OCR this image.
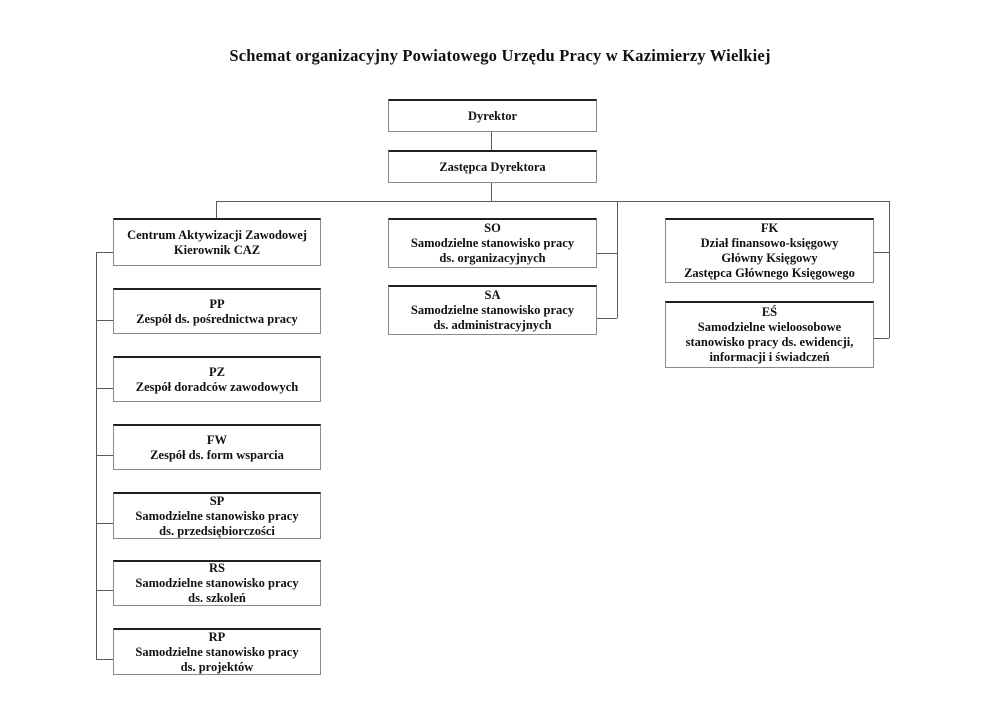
Schemat organizacyjny Powiatowego Urzędu Pracy w Kazimierzy Wielkiej
Dyrektor
Zastępca Dyrektora
Centrum Aktywizacji Zawodowej
Kierownik CAZ
PP
Zespół ds. pośrednictwa pracy
PZ
Zespół doradców zawodowych
FW
Zespół ds. form wsparcia
SP
Samodzielne stanowisko pracy
ds. przedsiębiorczości
RS
Samodzielne stanowisko pracy
ds. szkoleń
RP
Samodzielne stanowisko pracy
ds. projektów
SO
Samodzielne stanowisko pracy
ds. organizacyjnych
SA
Samodzielne stanowisko pracy
ds. administracyjnych
FK
Dział finansowo-księgowy
Główny Księgowy
Zastępca Głównego Księgowego
EŚ
Samodzielne wieloosobowe
stanowisko pracy ds. ewidencji,
informacji i świadczeń
